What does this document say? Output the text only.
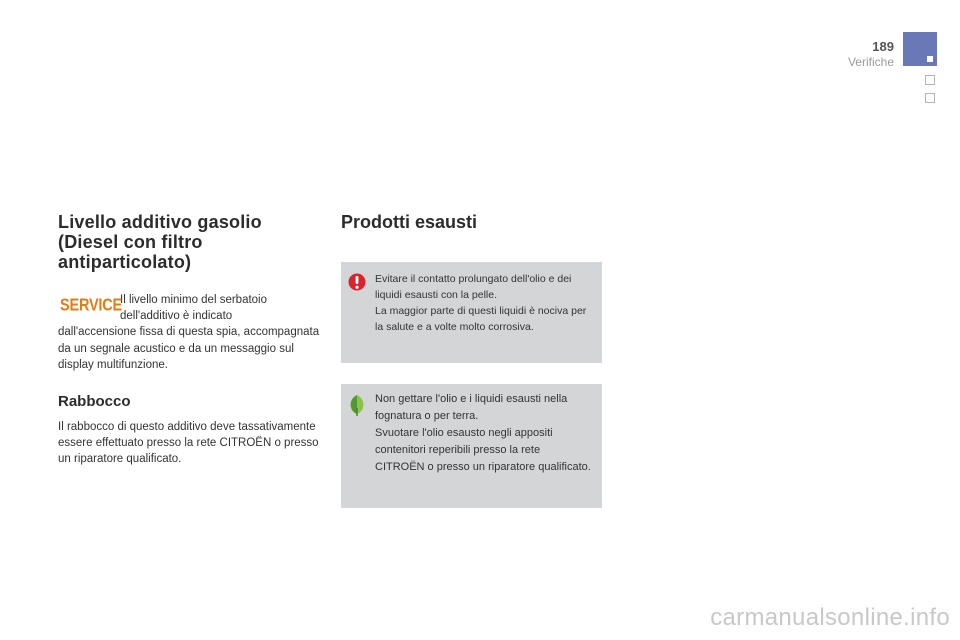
189
Verifiche
Livello additivo gasolio (Diesel con filtro antiparticolato)
SERVICE
Il livello minimo del serbatoio dell'additivo è indicato
dall'accensione fissa di questa spia, accompagnata da un segnale acustico e da un messaggio sul display multifunzione.
Rabbocco
Il rabbocco di questo additivo deve tassativamente essere effettuato presso la rete CITROËN o presso un riparatore qualificato.
Prodotti esausti
Evitare il contatto prolungato dell'olio e dei liquidi esausti con la pelle.
La maggior parte di questi liquidi è nociva per la salute e a volte molto corrosiva.
Non gettare l'olio e i liquidi esausti nella fognatura o per terra.
Svuotare l'olio esausto negli appositi contenitori reperibili presso la rete CITROËN o presso un riparatore qualificato.
carmanualsonline.info
